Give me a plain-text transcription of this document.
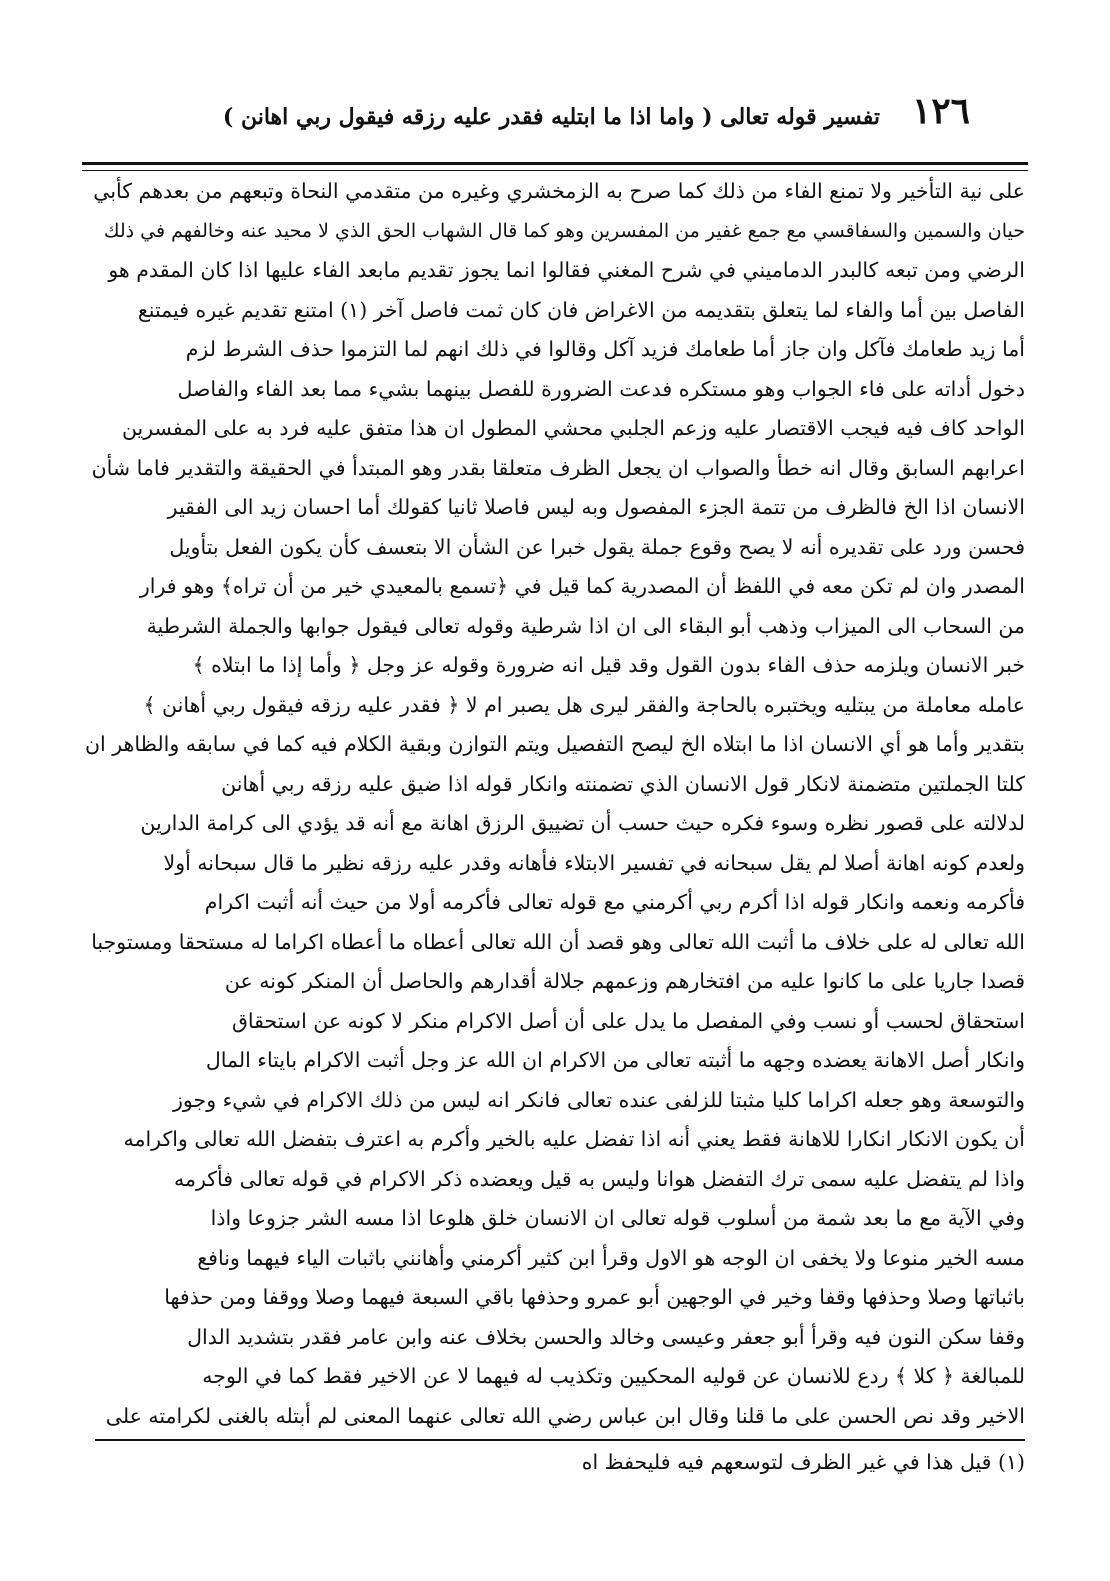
تفسير قوله تعالى ( واما اذا ما ابتليه فقدر عليه رزقه فيقول ربي اهانن ) ١٢٦
على نية التأخير ولا تمنع الفاء من ذلك كما صرح به الزمخشري وغيره من متقدمي النحاة وتبعهم من بعدهم كأبي
حيان والسمين والسفاقسي مع جمع غفير من المفسرين وهو كما قال الشهاب الحق الذي لا محيد عنه وخالفهم في ذلك
الرضي ومن تبعه كالبدر الدماميني في شرح المغني فقالوا انما يجوز تقديم مابعد الفاء عليها اذا كان المقدم هو
الفاصل بين أما والفاء لما يتعلق بتقديمه من الاغراض فان كان ثمت فاصل آخر (١) امتنع تقديم غيره فيمتنع
أما زيد طعامك فآكل وان جاز أما طعامك فزيد آكل وقالوا في ذلك انهم لما التزموا حذف الشرط لزم
دخول أداته على فاء الجواب وهو مستكره فدعت الضرورة للفصل بينهما بشيء مما بعد الفاء والفاصل
الواحد كاف فيه فيجب الاقتصار عليه وزعم الجلبي محشي المطول ان هذا متفق عليه فرد به على المفسرين
اعرابهم السابق وقال انه خطأ والصواب ان يجعل الظرف متعلقا بقدر وهو المبتدأ في الحقيقة والتقدير فاما شأن
الانسان اذا الخ فالظرف من تتمة الجزء المفصول وبه ليس فاصلا ثانيا كقولك أما احسان زيد الى الفقير
فحسن ورد على تقديره أنه لا يصح وقوع جملة يقول خبرا عن الشأن الا بتعسف كأن يكون الفعل بتأويل
المصدر وان لم تكن معه في اللفظ أن المصدرية كما قيل في ﴿تسمع بالمعيدي خير من أن تراه﴾ وهو فرار
من السحاب الى الميزاب وذهب أبو البقاء الى ان اذا شرطية وقوله تعالى فيقول جوابها والجملة الشرطية
خبر الانسان ويلزمه حذف الفاء بدون القول وقد قيل انه ضرورة وقوله عز وجل ﴿ وأما إذا ما ابتلاه ﴾
عامله معاملة من يبتليه ويختبره بالحاجة والفقر ليرى هل يصبر ام لا ﴿ فقدر عليه رزقه فيقول ربي أهانن ﴾
بتقدير وأما هو أي الانسان اذا ما ابتلاه الخ ليصح التفصيل ويتم التوازن وبقية الكلام فيه كما في سابقه والظاهر ان
كلتا الجملتين متضمنة لانكار قول الانسان الذي تضمنته وانكار قوله اذا ضيق عليه رزقه ربي أهانن
لدلالته على قصور نظره وسوء فكره حيث حسب أن تضييق الرزق اهانة مع أنه قد يؤدي الى كرامة الدارين
ولعدم كونه اهانة أصلا لم يقل سبحانه في تفسير الابتلاء فأهانه وقدر عليه رزقه نظير ما قال سبحانه أولا
فأكرمه ونعمه وانكار قوله اذا أكرم ربي أكرمني مع قوله تعالى فأكرمه أولا من حيث أنه أثبت اكرام
الله تعالى له على خلاف ما أثبت الله تعالى وهو قصد أن الله تعالى أعطاه ما أعطاه اكراما له مستحقا ومستوجبا
قصدا جاريا على ما كانوا عليه من افتخارهم وزعمهم جلالة أقدارهم والحاصل أن المنكر كونه عن
استحقاق لحسب أو نسب وفي المفصل ما يدل على أن أصل الاكرام منكر لا كونه عن استحقاق
وانكار أصل الاهانة يعضده وجهه ما أثبته تعالى من الاكرام ان الله عز وجل أثبت الاكرام بايتاء المال
والتوسعة وهو جعله اكراما كليا مثبتا للزلفى عنده تعالى فانكر انه ليس من ذلك الاكرام في شيء وجوز
أن يكون الانكار انكارا للاهانة فقط يعني أنه اذا تفضل عليه بالخير وأكرم به اعترف بتفضل الله تعالى واكرامه
واذا لم يتفضل عليه سمى ترك التفضل هوانا وليس به قيل ويعضده ذكر الاكرام في قوله تعالى فأكرمه
وفي الآية مع ما بعد شمة من أسلوب قوله تعالى ان الانسان خلق هلوعا اذا مسه الشر جزوعا واذا
مسه الخير منوعا ولا يخفى ان الوجه هو الاول وقرأ ابن كثير أكرمني وأهانني باثبات الياء فيهما ونافع
باثباتها وصلا وحذفها وقفا وخير في الوجهين أبو عمرو وحذفها باقي السبعة فيهما وصلا ووقفا ومن حذفها
وقفا سكن النون فيه وقرأ أبو جعفر وعيسى وخالد والحسن بخلاف عنه وابن عامر فقدر بتشديد الدال
للمبالغة ﴿ كلا ﴾ ردع للانسان عن قوليه المحكيين وتكذيب له فيهما لا عن الاخير فقط كما في الوجه
الاخير وقد نص الحسن على ما قلنا وقال ابن عباس رضي الله تعالى عنهما المعنى لم أبتله بالغنى لكرامته على
(١) قيل هذا في غير الظرف لتوسعهم فيه فليحفظ اه
